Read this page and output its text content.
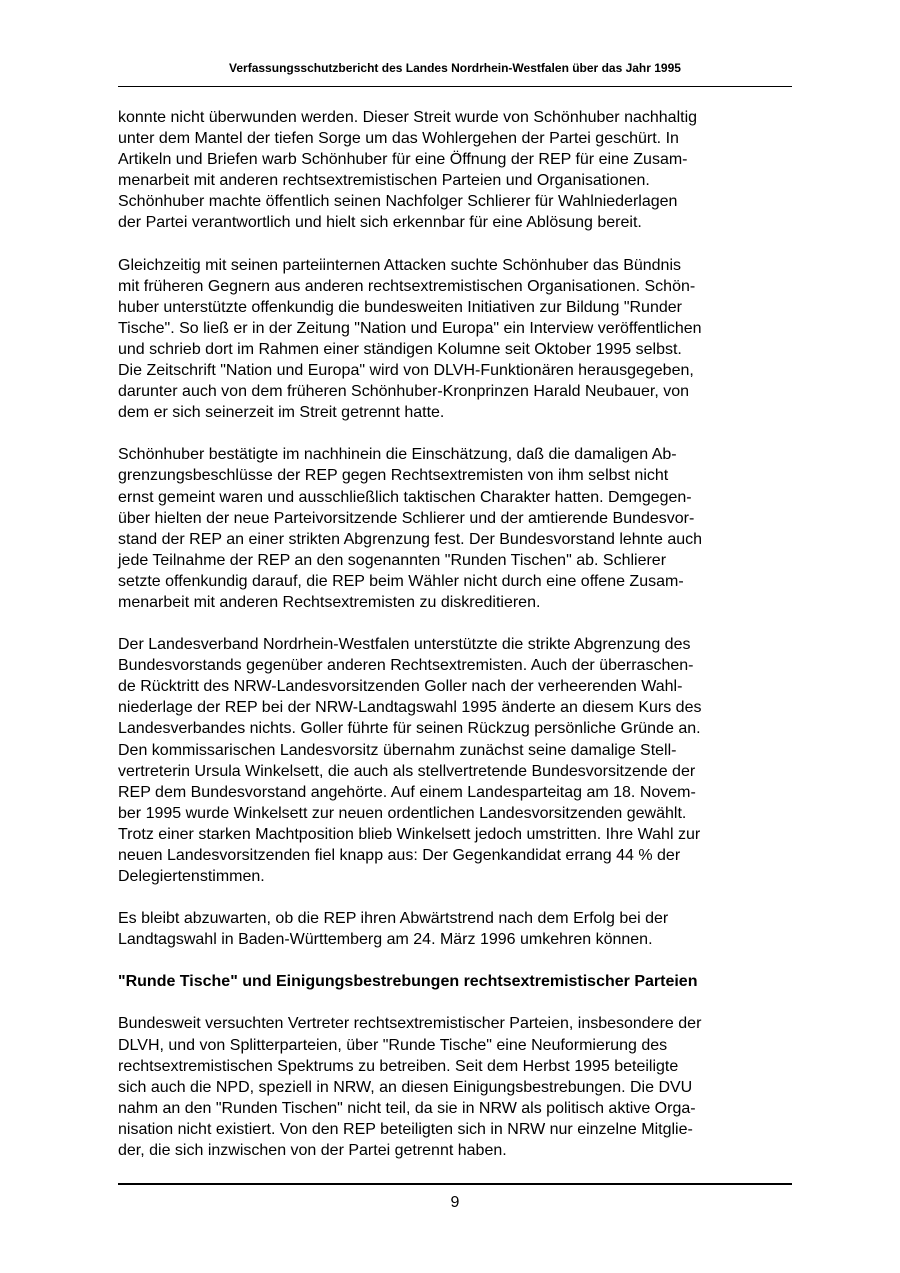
Verfassungsschutzbericht des Landes Nordrhein-Westfalen über das Jahr 1995

konnte nicht überwunden werden. Dieser Streit wurde von Schönhuber nachhaltig
unter dem Mantel der tiefen Sorge um das Wohlergehen der Partei geschürt. In
Artikeln und Briefen warb Schönhuber für eine Öffnung der REP für eine Zusam-
menarbeit mit anderen rechtsextremistischen Parteien und Organisationen.
Schönhuber machte öffentlich seinen Nachfolger Schlierer für Wahlniederlagen
der Partei verantwortlich und hielt sich erkennbar für eine Ablösung bereit.

Gleichzeitig mit seinen parteiinternen Attacken suchte Schönhuber das Bündnis
mit früheren Gegnern aus anderen rechtsextremistischen Organisationen. Schön-
huber unterstützte offenkundig die bundesweiten Initiativen zur Bildung "Runder
Tische". So ließ er in der Zeitung "Nation und Europa" ein Interview veröffentlichen
und schrieb dort im Rahmen einer ständigen Kolumne seit Oktober 1995 selbst.
Die Zeitschrift "Nation und Europa" wird von DLVH-Funktionären herausgegeben,
darunter auch von dem früheren Schönhuber-Kronprinzen Harald Neubauer, von
dem er sich seinerzeit im Streit getrennt hatte.

Schönhuber bestätigte im nachhinein die Einschätzung, daß die damaligen Ab-
grenzungsbeschlüsse der REP gegen Rechtsextremisten von ihm selbst nicht
ernst gemeint waren und ausschließlich taktischen Charakter hatten. Demgegen-
über hielten der neue Parteivorsitzende Schlierer und der amtierende Bundesvor-
stand der REP an einer strikten Abgrenzung fest. Der Bundesvorstand lehnte auch
jede Teilnahme der REP an den sogenannten "Runden Tischen" ab. Schlierer
setzte offenkundig darauf, die REP beim Wähler nicht durch eine offene Zusam-
menarbeit mit anderen Rechtsextremisten zu diskreditieren.

Der Landesverband Nordrhein-Westfalen unterstützte die strikte Abgrenzung des
Bundesvorstands gegenüber anderen Rechtsextremisten. Auch der überraschen-
de Rücktritt des NRW-Landesvorsitzenden Goller nach der verheerenden Wahl-
niederlage der REP bei der NRW-Landtagswahl 1995 änderte an diesem Kurs des
Landesverbandes nichts. Goller führte für seinen Rückzug persönliche Gründe an.
Den kommissarischen Landesvorsitz übernahm zunächst seine damalige Stell-
vertreterin Ursula Winkelsett, die auch als stellvertretende Bundesvorsitzende der
REP dem Bundesvorstand angehörte. Auf einem Landesparteitag am 18. Novem-
ber 1995 wurde Winkelsett zur neuen ordentlichen Landesvorsitzenden gewählt.
Trotz einer starken Machtposition blieb Winkelsett jedoch umstritten. Ihre Wahl zur
neuen Landesvorsitzenden fiel knapp aus: Der Gegenkandidat errang 44 % der
Delegiertenstimmen.

Es bleibt abzuwarten, ob die REP ihren Abwärtstrend nach dem Erfolg bei der
Landtagswahl in Baden-Württemberg am 24. März 1996 umkehren können.

"Runde Tische" und Einigungsbestrebungen rechtsextremistischer Parteien

Bundesweit versuchten Vertreter rechtsextremistischer Parteien, insbesondere der
DLVH, und von Splitterparteien, über "Runde Tische" eine Neuformierung des
rechtsextremistischen Spektrums zu betreiben. Seit dem Herbst 1995 beteiligte
sich auch die NPD, speziell in NRW, an diesen Einigungsbestrebungen. Die DVU
nahm an den "Runden Tischen" nicht teil, da sie in NRW als politisch aktive Orga-
nisation nicht existiert. Von den REP beteiligten sich in NRW nur einzelne Mitglie-
der, die sich inzwischen von der Partei getrennt haben.

9
